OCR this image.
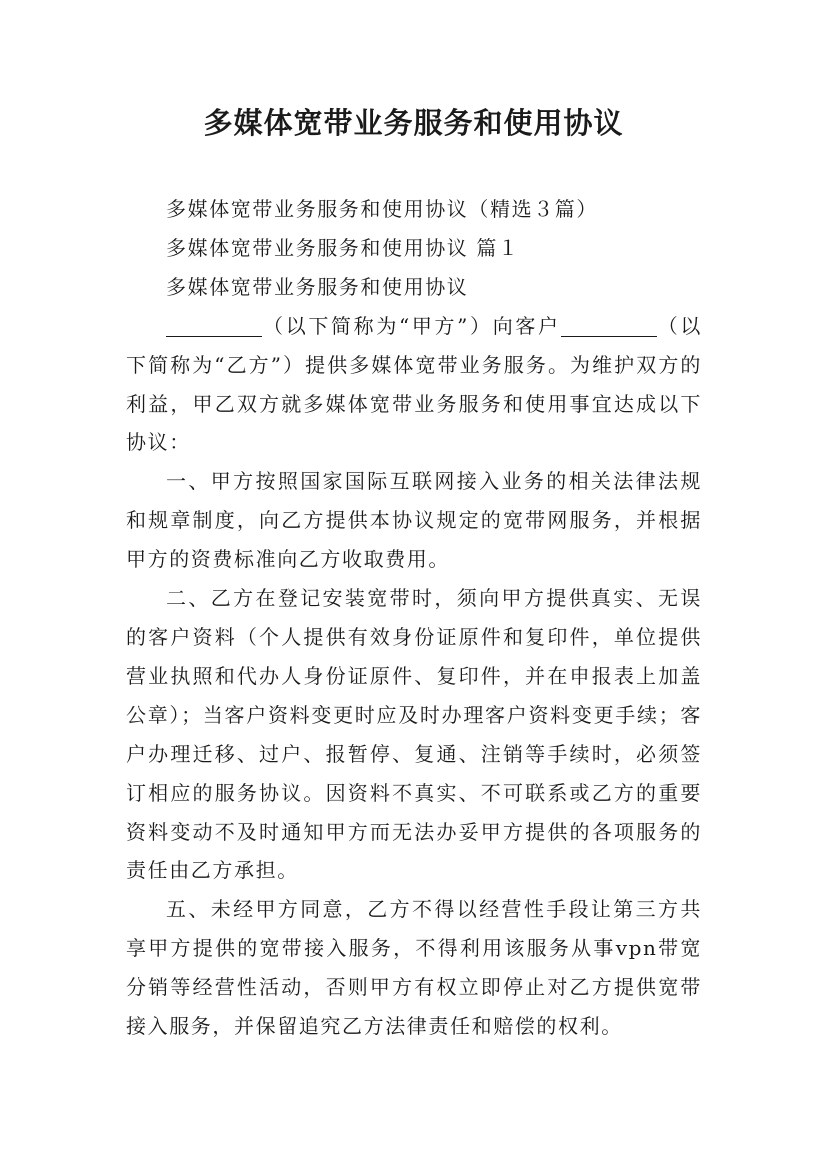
多媒体宽带业务服务和使用协议

多媒体宽带业务服务和使用协议（精选３篇）

多媒体宽带业务服务和使用协议 篇１

多媒体宽带业务服务和使用协议

（以下简称为“甲方”）向客户	（以下简称为“乙方”）提供多媒体宽带业务服务。为维护双方的利益，甲乙双方就多媒体宽带业务服务和使用事宜达成以下协议：

一、甲方按照国家国际互联网接入业务的相关法律法规和规章制度，向乙方提供本协议规定的宽带网服务，并根据甲方的资费标准向乙方收取费用。

二、乙方在登记安装宽带时，须向甲方提供真实、无误的客户资料（个人提供有效身份证原件和复印件，单位提供营业执照和代办人身份证原件、复印件，并在申报表上加盖公章）；当客户资料变更时应及时办理客户资料变更手续；客户办理迁移、过户、报暂停、复通、注销等手续时，必须签订相应的服务协议。因资料不真实、不可联系或乙方的重要资料变动不及时通知甲方而无法办妥甲方提供的各项服务的责任由乙方承担。

五、未经甲方同意，乙方不得以经营性手段让第三方共享甲方提供的宽带接入服务，不得利用该服务从事vpn带宽分销等经营性活动，否则甲方有权立即停止对乙方提供宽带接入服务，并保留追究乙方法律责任和赔偿的权利。
